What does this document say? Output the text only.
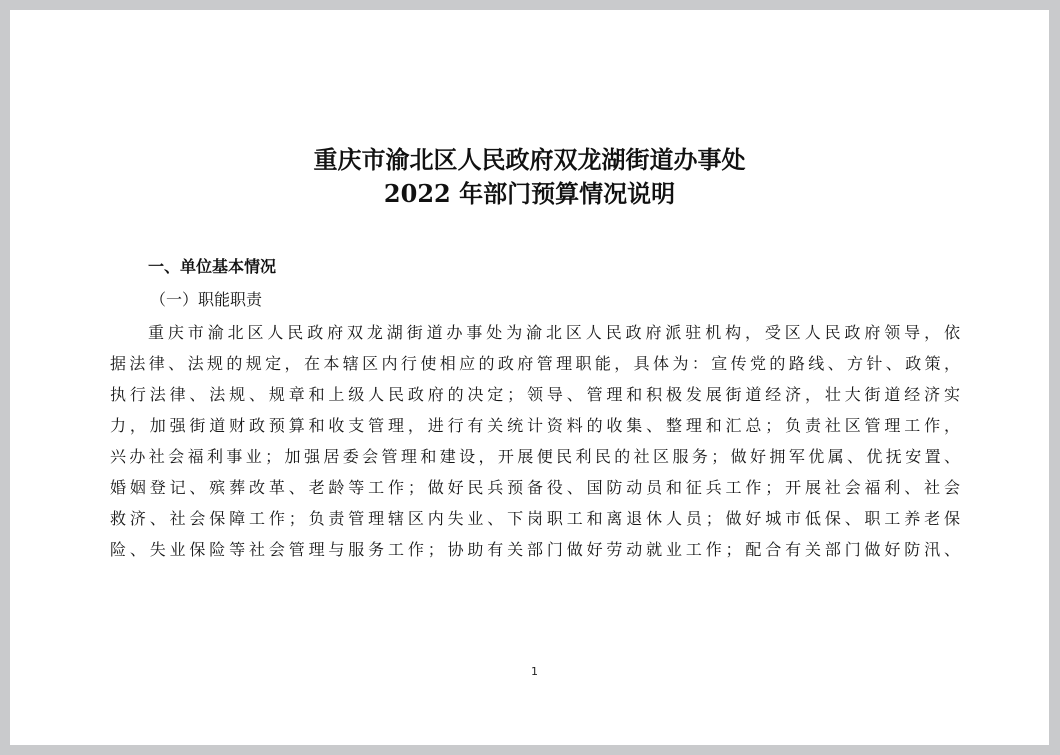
重庆市渝北区人民政府双龙湖街道办事处
2022 年部门预算情况说明
一、单位基本情况
（一）职能职责
重庆市渝北区人民政府双龙湖街道办事处为渝北区人民政府派驻机构，受区人民政府领导，依
据法律、法规的规定，在本辖区内行使相应的政府管理职能，具体为：宣传党的路线、方针、政策，
执行法律、法规、规章和上级人民政府的决定；领导、管理和积极发展街道经济，壮大街道经济实
力，加强街道财政预算和收支管理，进行有关统计资料的收集、整理和汇总；负责社区管理工作，
兴办社会福利事业；加强居委会管理和建设，开展便民利民的社区服务；做好拥军优属、优抚安置、
婚姻登记、殡葬改革、老龄等工作；做好民兵预备役、国防动员和征兵工作；开展社会福利、社会
救济、社会保障工作；负责管理辖区内失业、下岗职工和离退休人员；做好城市低保、职工养老保
险、失业保险等社会管理与服务工作；协助有关部门做好劳动就业工作；配合有关部门做好防汛、
1
